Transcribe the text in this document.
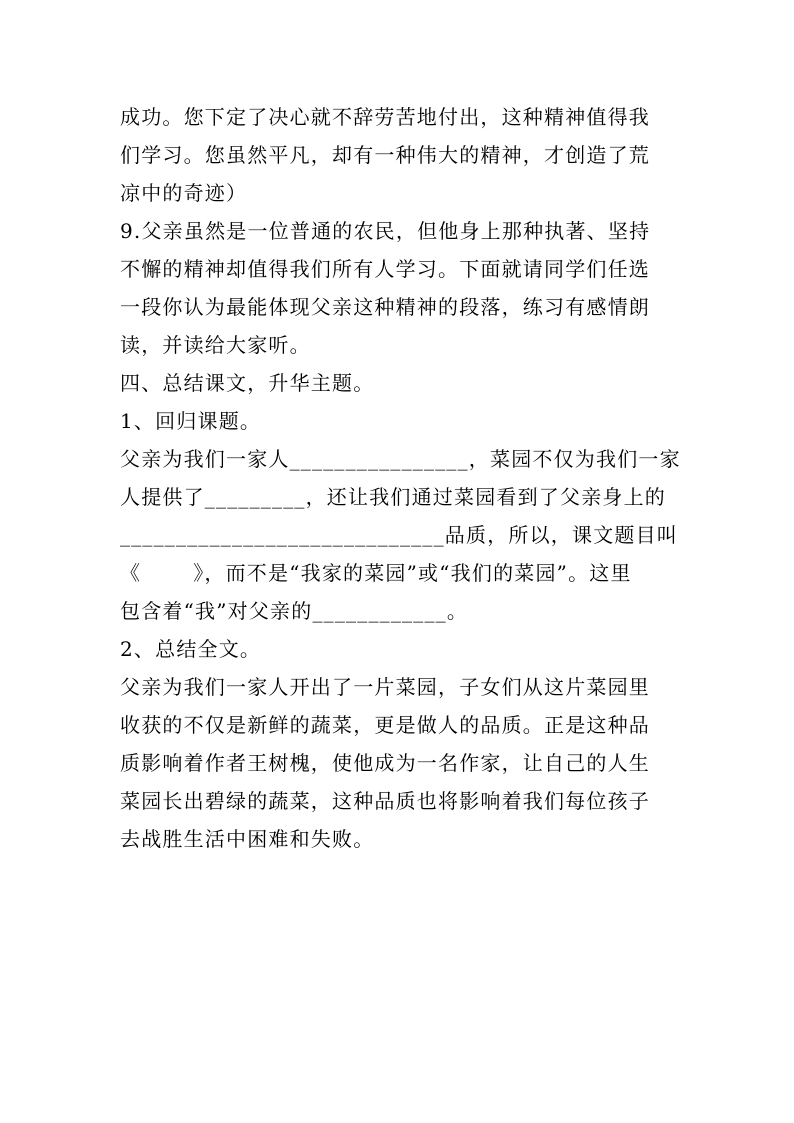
成功。您下定了决心就不辞劳苦地付出，这种精神值得我
们学习。您虽然平凡，却有一种伟大的精神，才创造了荒
凉中的奇迹）
9.父亲虽然是一位普通的农民，但他身上那种执著、坚持
不懈的精神却值得我们所有人学习。下面就请同学们任选
一段你认为最能体现父亲这种精神的段落，练习有感情朗
读，并读给大家听。
四、总结课文，升华主题。
1、回归课题。
父亲为我们一家人________________，菜园不仅为我们一家
人提供了_________，还让我们通过菜园看到了父亲身上的
_____________________________品质，所以，课文题目叫
《	》，而不是“我家的菜园”或“我们的菜园”。这里
包含着“我”对父亲的____________。
2、总结全文。
父亲为我们一家人开出了一片菜园，子女们从这片菜园里
收获的不仅是新鲜的蔬菜，更是做人的品质。正是这种品
质影响着作者王树槐，使他成为一名作家，让自己的人生
菜园长出碧绿的蔬菜，这种品质也将影响着我们每位孩子
去战胜生活中困难和失败。
